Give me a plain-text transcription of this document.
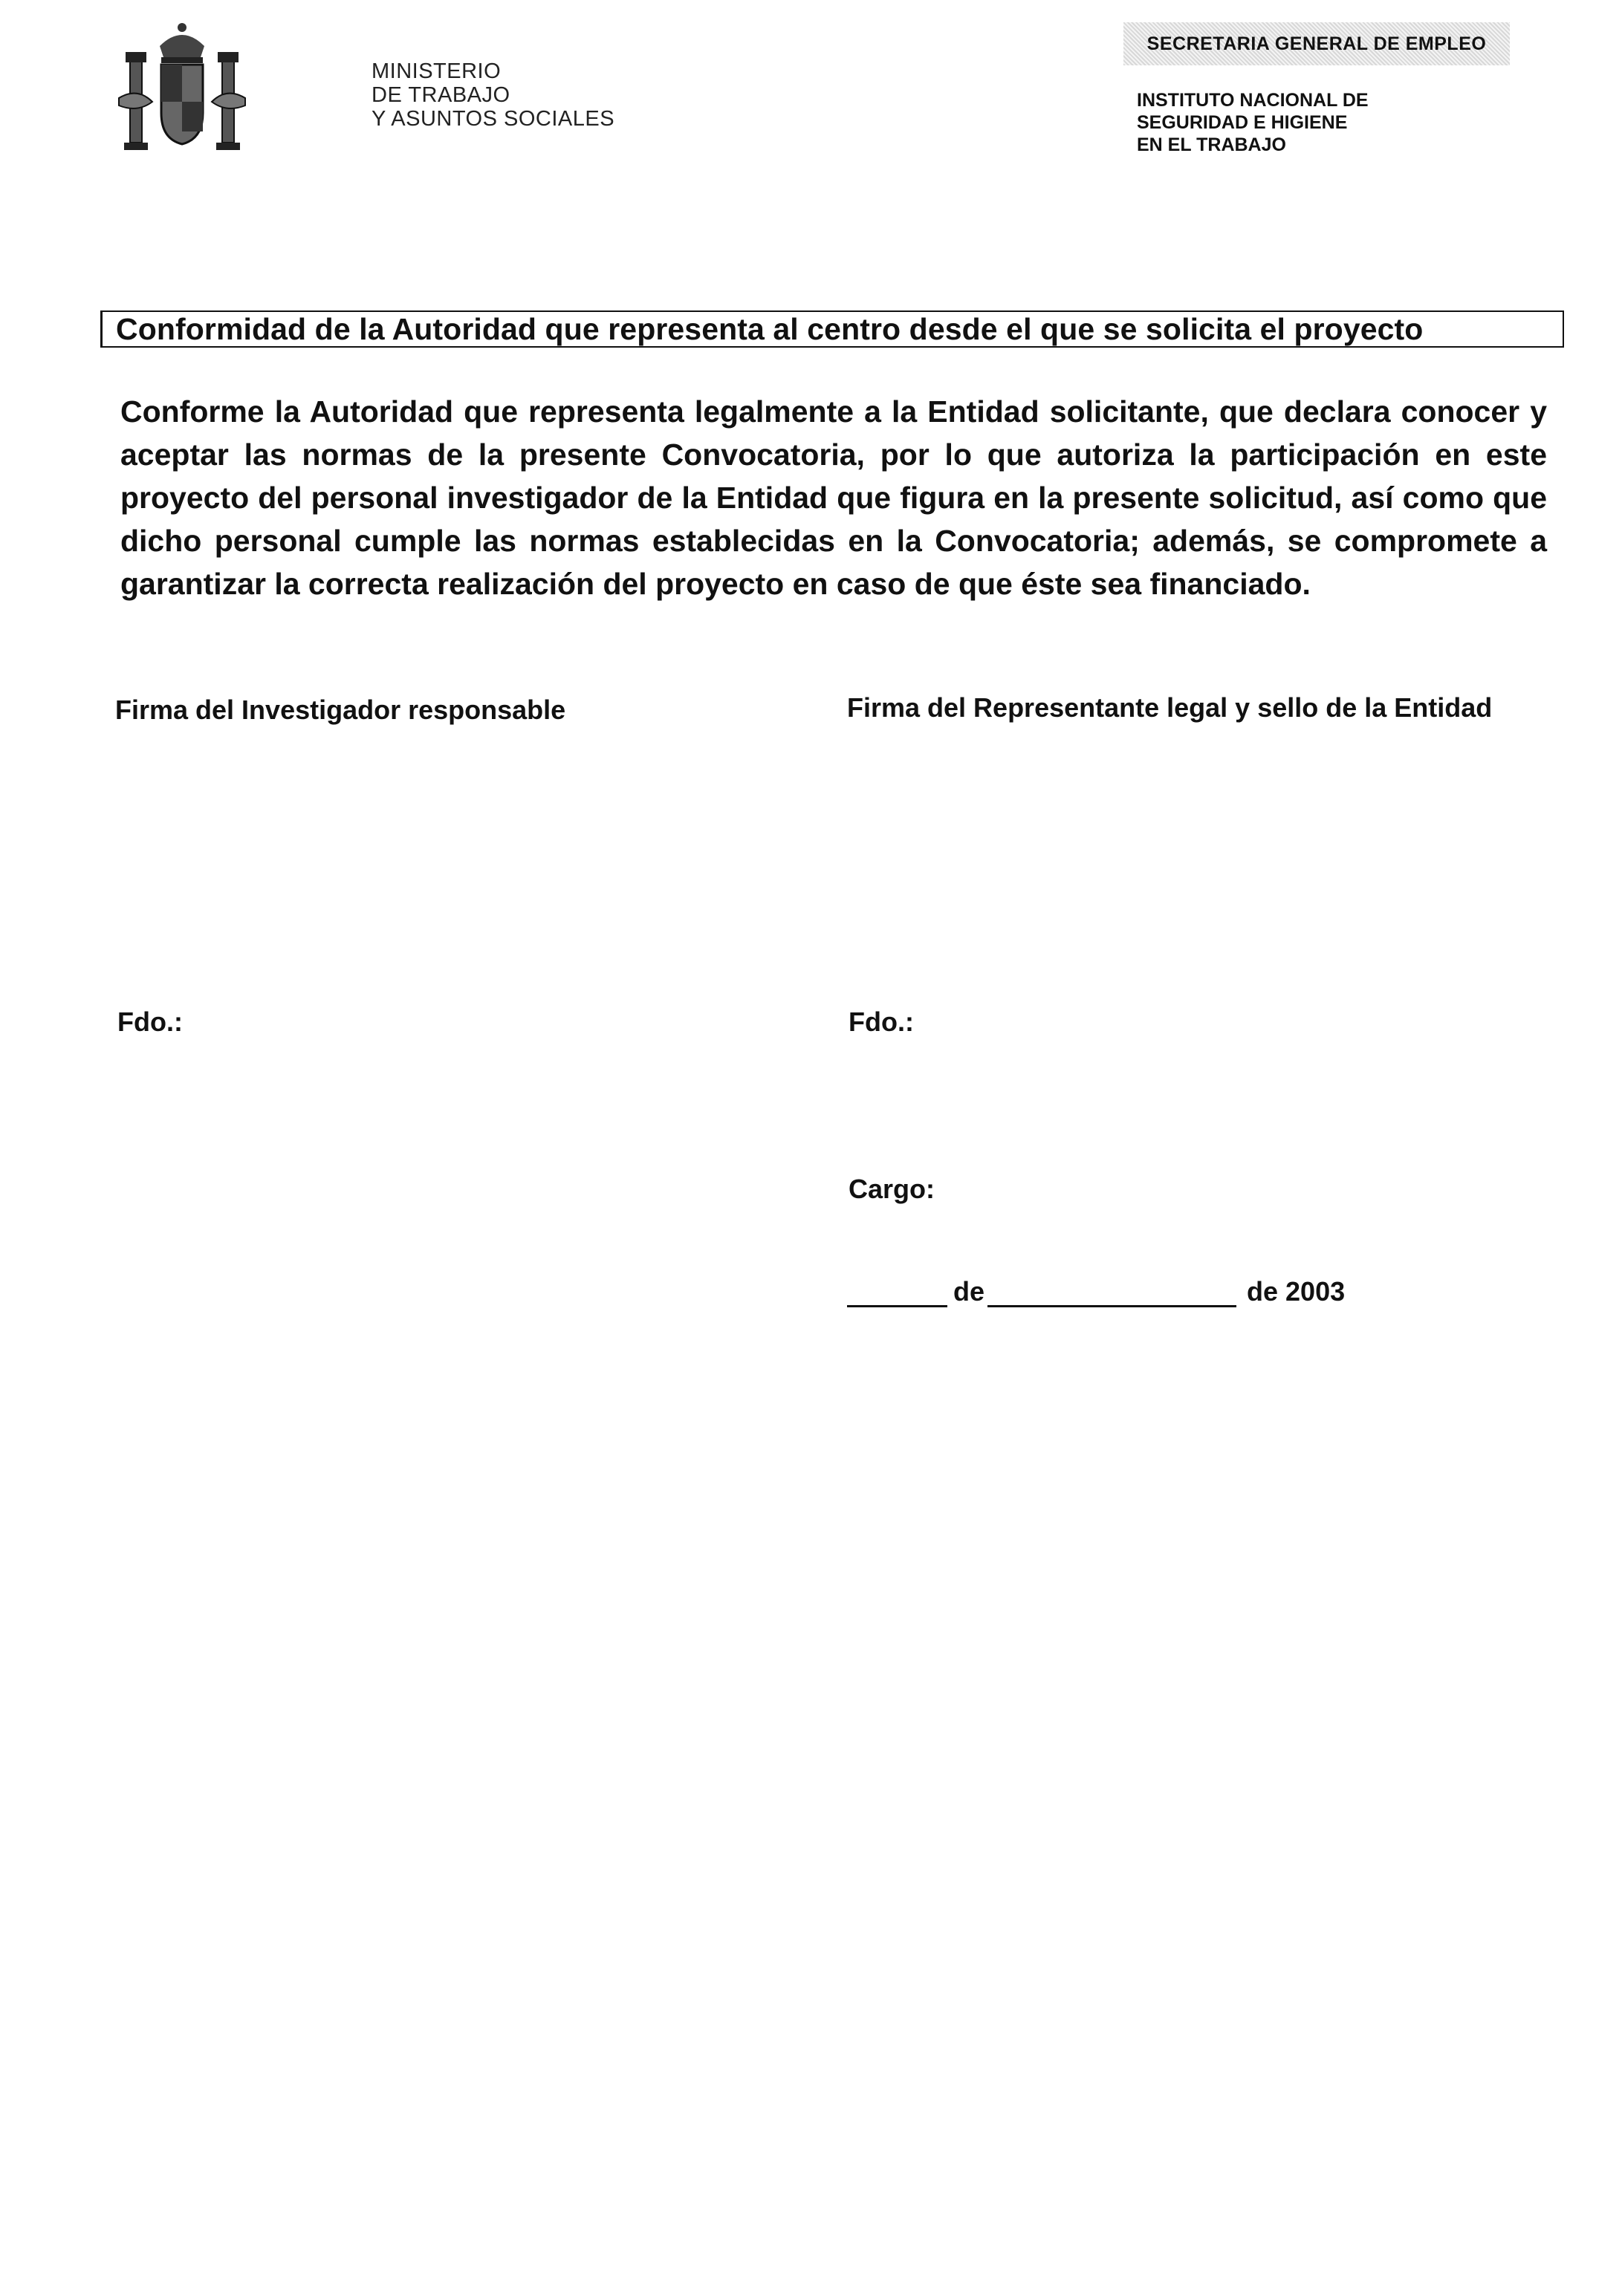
MINISTERIO
DE TRABAJO
Y ASUNTOS SOCIALES
SECRETARIA GENERAL DE EMPLEO
INSTITUTO NACIONAL DE
SEGURIDAD E HIGIENE
EN EL TRABAJO
Conformidad de la Autoridad que representa al centro desde el que se solicita el proyecto
Conforme la Autoridad que representa legalmente a la Entidad solicitante, que declara conocer y aceptar las normas de la presente Convocatoria, por lo que autoriza la participación en este proyecto del personal investigador de la Entidad que figura en la presente solicitud, así como que dicho personal cumple las normas establecidas en la Convocatoria; además, se compromete a garantizar la correcta realización del proyecto en caso de que éste sea financiado.
Firma del Investigador responsable	Firma del Representante legal y sello de la Entidad
Fdo.:	Fdo.:
Cargo:
de	de 2003
